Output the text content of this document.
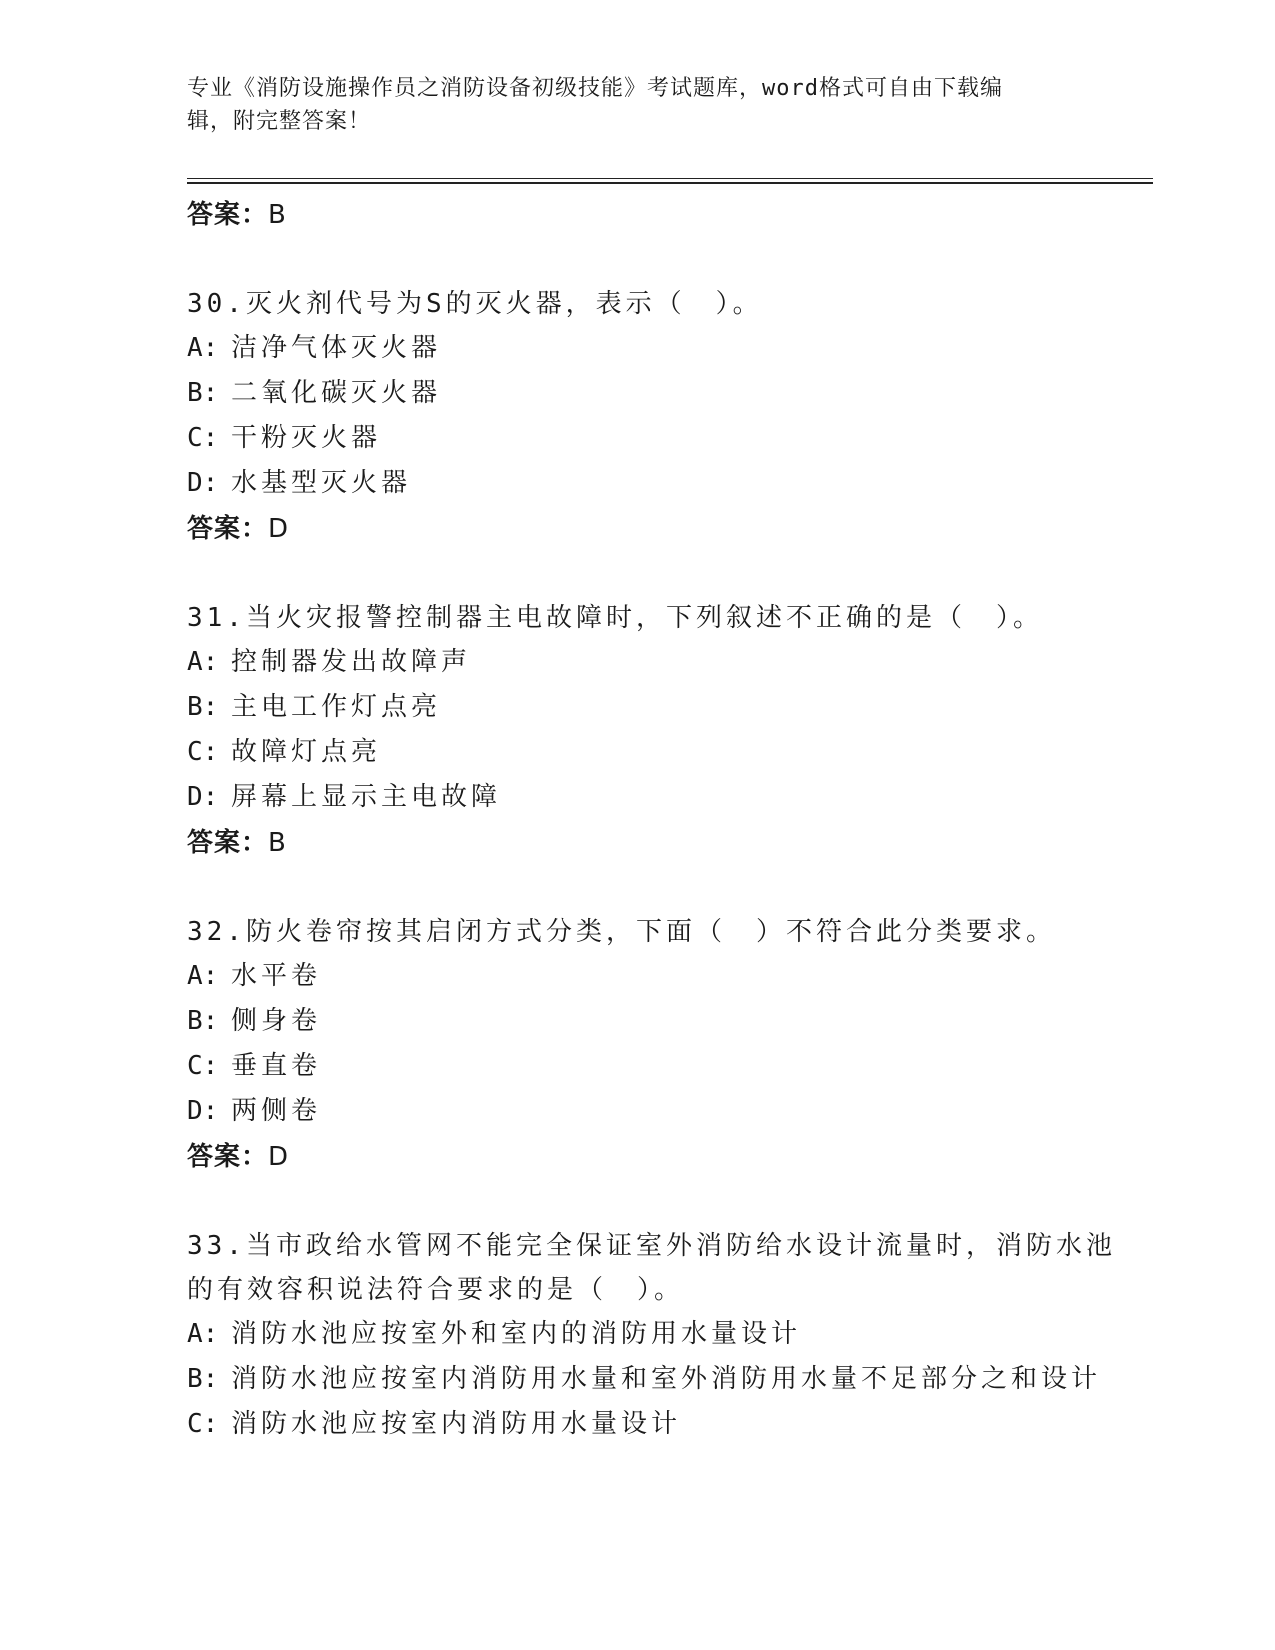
专业《消防设施操作员之消防设备初级技能》考试题库，word格式可自由下载编
辑，附完整答案！
答案：B
30.灭火剂代号为S的灭火器，表示（　）。
A: 洁净气体灭火器
B: 二氧化碳灭火器
C: 干粉灭火器
D: 水基型灭火器
答案：D
31.当火灾报警控制器主电故障时，下列叙述不正确的是（　）。
A: 控制器发出故障声
B: 主电工作灯点亮
C: 故障灯点亮
D: 屏幕上显示主电故障
答案：B
32.防火卷帘按其启闭方式分类，下面（　）不符合此分类要求。
A: 水平卷
B: 侧身卷
C: 垂直卷
D: 两侧卷
答案：D
33.当市政给水管网不能完全保证室外消防给水设计流量时，消防水池
的有效容积说法符合要求的是（　）。
A: 消防水池应按室外和室内的消防用水量设计
B: 消防水池应按室内消防用水量和室外消防用水量不足部分之和设计
C: 消防水池应按室内消防用水量设计
